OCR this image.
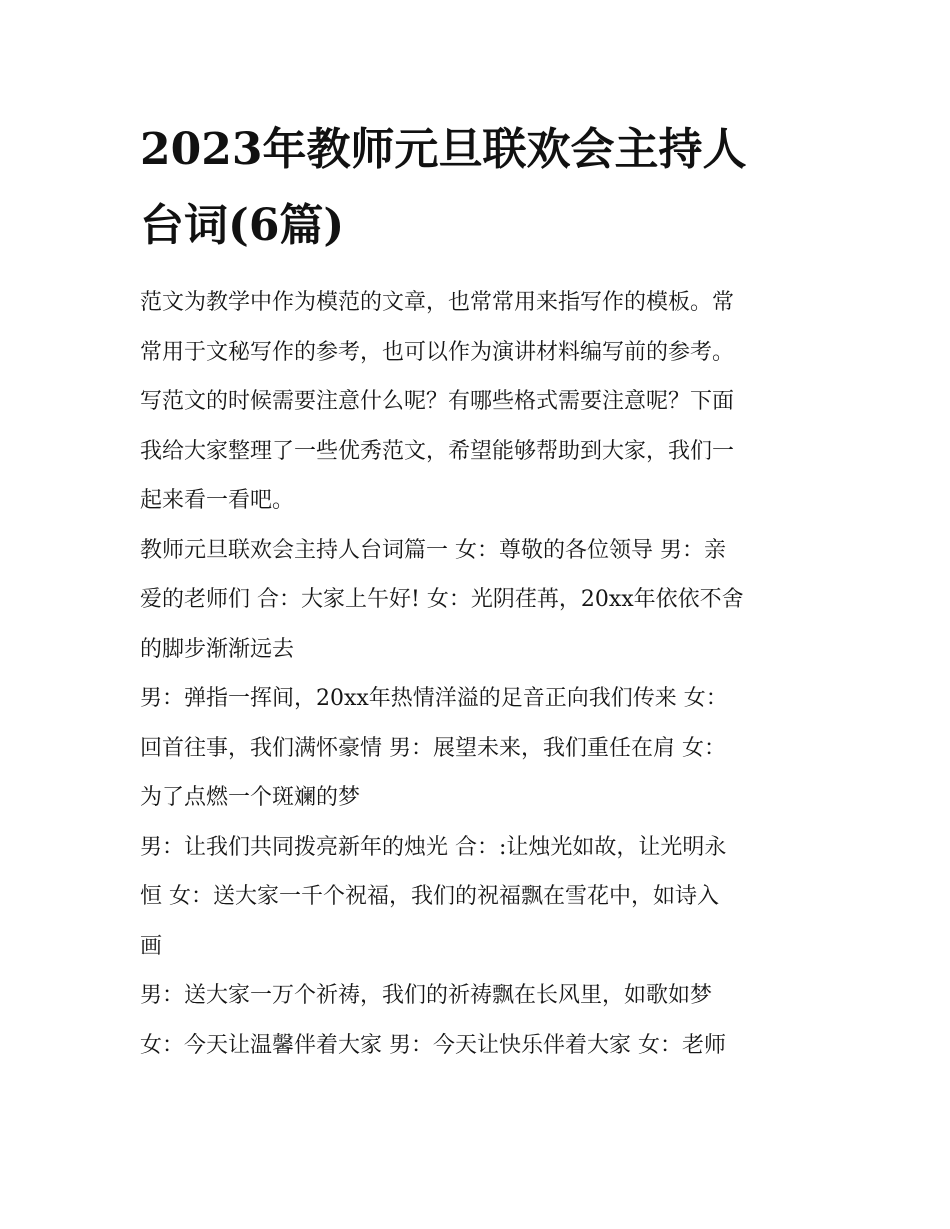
2023年教师元旦联欢会主持人
台词(6篇)
范文为教学中作为模范的文章，也常常用来指写作的模板。常
常用于文秘写作的参考，也可以作为演讲材料编写前的参考。
写范文的时候需要注意什么呢？有哪些格式需要注意呢？下面
我给大家整理了一些优秀范文，希望能够帮助到大家，我们一
起来看一看吧。
教师元旦联欢会主持人台词篇一 女：尊敬的各位领导 男：亲
爱的老师们 合：大家上午好! 女：光阴荏苒，20xx年依依不舍
的脚步渐渐远去
男：弹指一挥间，20xx年热情洋溢的足音正向我们传来 女：
回首往事，我们满怀豪情 男：展望未来，我们重任在肩 女：
为了点燃一个斑斓的梦
男：让我们共同拨亮新年的烛光 合：:让烛光如故，让光明永
恒 女：送大家一千个祝福，我们的祝福飘在雪花中，如诗入
画
男：送大家一万个祈祷，我们的祈祷飘在长风里，如歌如梦
女：今天让温馨伴着大家 男：今天让快乐伴着大家 女：老师
